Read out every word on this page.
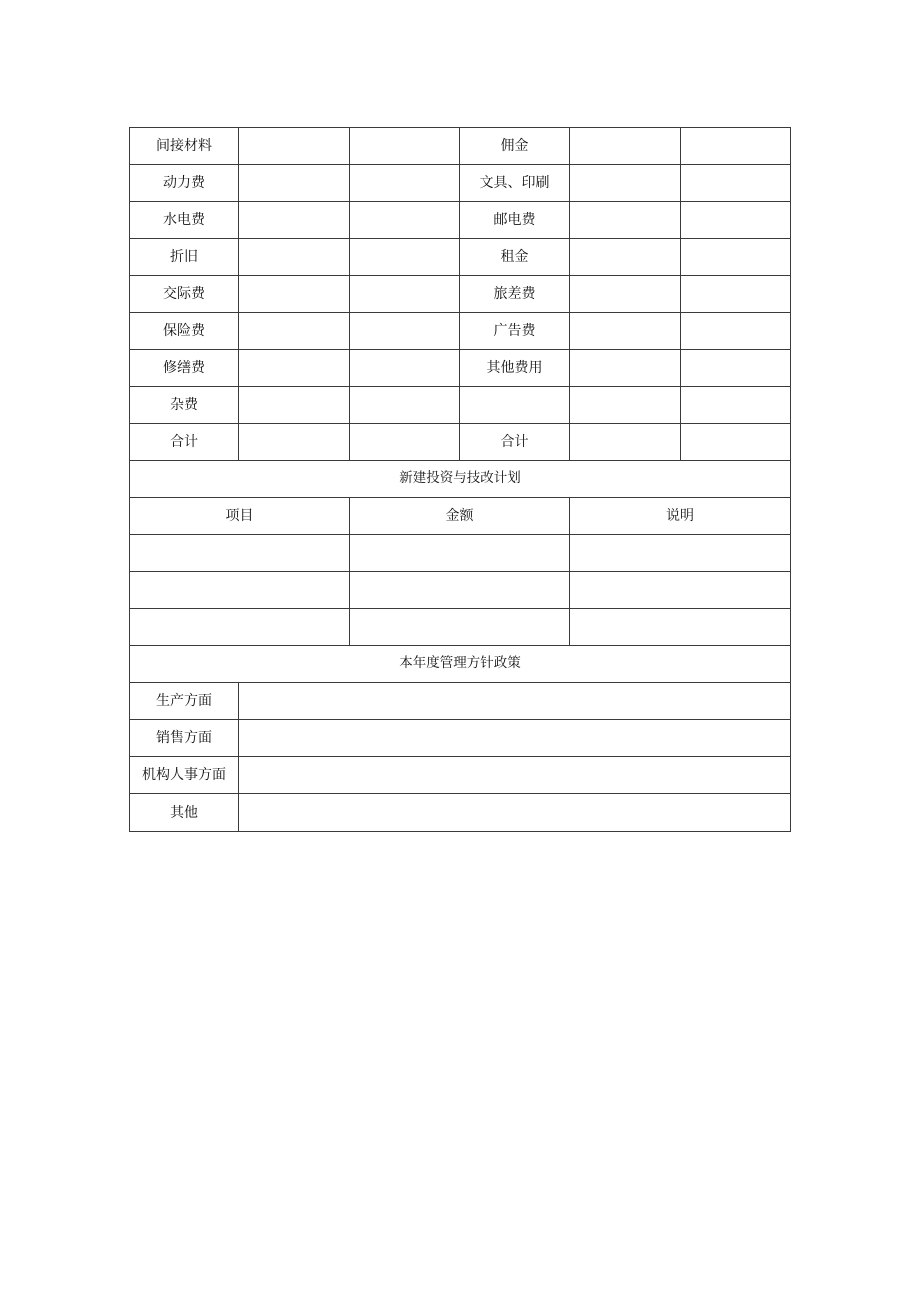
间接材料			佣金		
动力费			文具、印刷		
水电费			邮电费		
折旧			租金		
交际费			旅差费		
保险费			广告费		
修缮费			其他费用		
杂费					
合计			合计		
新建投资与技改计划					
项目		金额		说明	

本年度管理方针政策					
生产方面					
销售方面					
机构人事方面					
其他					
